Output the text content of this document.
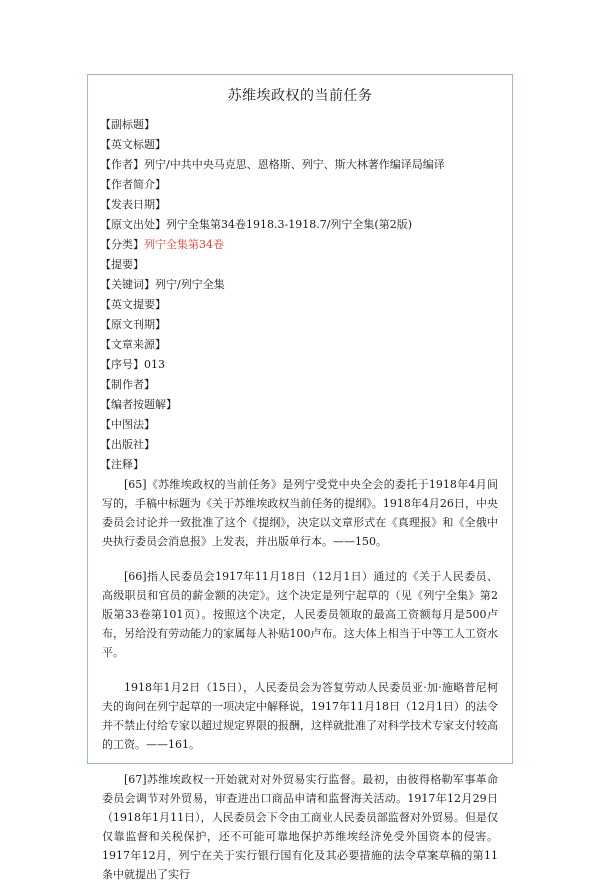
苏维埃政权的当前任务
【副标题】
【英文标题】
【作者】列宁/中共中央马克思、恩格斯、列宁、斯大林著作编译局编译
【作者简介】
【发表日期】
【原文出处】列宁全集第34卷1918.3-1918.7/列宁全集(第2版)
【分类】列宁全集第34卷
【提要】
【关键词】列宁/列宁全集
【英文提要】
【原文刊期】
【文章来源】
【序号】013
【制作者】
【编者按题解】
【中图法】
【出版社】
【注释】

[65]《苏维埃政权的当前任务》是列宁受党中央全会的委托于1918年4月间写的，手稿中标题为《关于苏维埃政权当前任务的提纲》。1918年4月26日，中央委员会讨论并一致批准了这个《提纲》，决定以文章形式在《真理报》和《全俄中央执行委员会消息报》上发表，并出版单行本。——150。

[66]指人民委员会1917年11月18日（12月1日）通过的《关于人民委员、高级职员和官员的薪金额的决定》。这个决定是列宁起草的（见《列宁全集》第2版第33卷第101页）。按照这个决定，人民委员领取的最高工资额每月是500卢布，另给没有劳动能力的家属每人补贴100卢布。这大体上相当于中等工人工资水平。

1918年1月2日（15日），人民委员会为答复劳动人民委员亚·加·施略普尼柯夫的询问在列宁起草的一项决定中解释说，1917年11月18日（12月1日）的法令并不禁止付给专家以超过规定界限的报酬，这样就批准了对科学技术专家支付较高的工资。——161。

[67]苏维埃政权一开始就对对外贸易实行监督。最初，由彼得格勒军事革命委员会调节对外贸易，审查进出口商品申请和监督海关活动。1917年12月29日（1918年1月11日），人民委员会下令由工商业人民委员部监督对外贸易。但是仅仅靠监督和关税保护，还不可能可靠地保护苏维埃经济免受外国资本的侵害。1917年12月，列宁在关于实行银行国有化及其必要措施的法令草案草稿的第11条中就提出了实行
